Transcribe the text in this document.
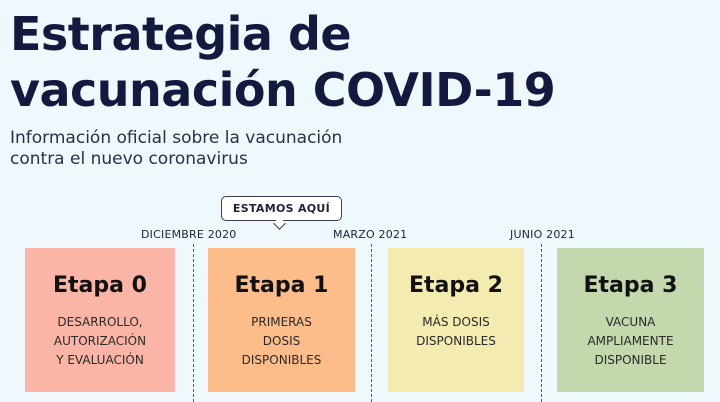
Estrategia de
vacunación COVID-19

Información oficial sobre la vacunación
contra el nuevo coronavirus

ESTAMOS AQUÍ
DICIEMBRE 2020	MARZO 2021	JUNIO 2021
Etapa 0
DESARROLLO,
AUTORIZACIÓN
Y EVALUACIÓN
Etapa 1
PRIMERAS
DOSIS
DISPONIBLES
Etapa 2
MÁS DOSIS
DISPONIBLES
Etapa 3
VACUNA
AMPLIAMENTE
DISPONIBLE
